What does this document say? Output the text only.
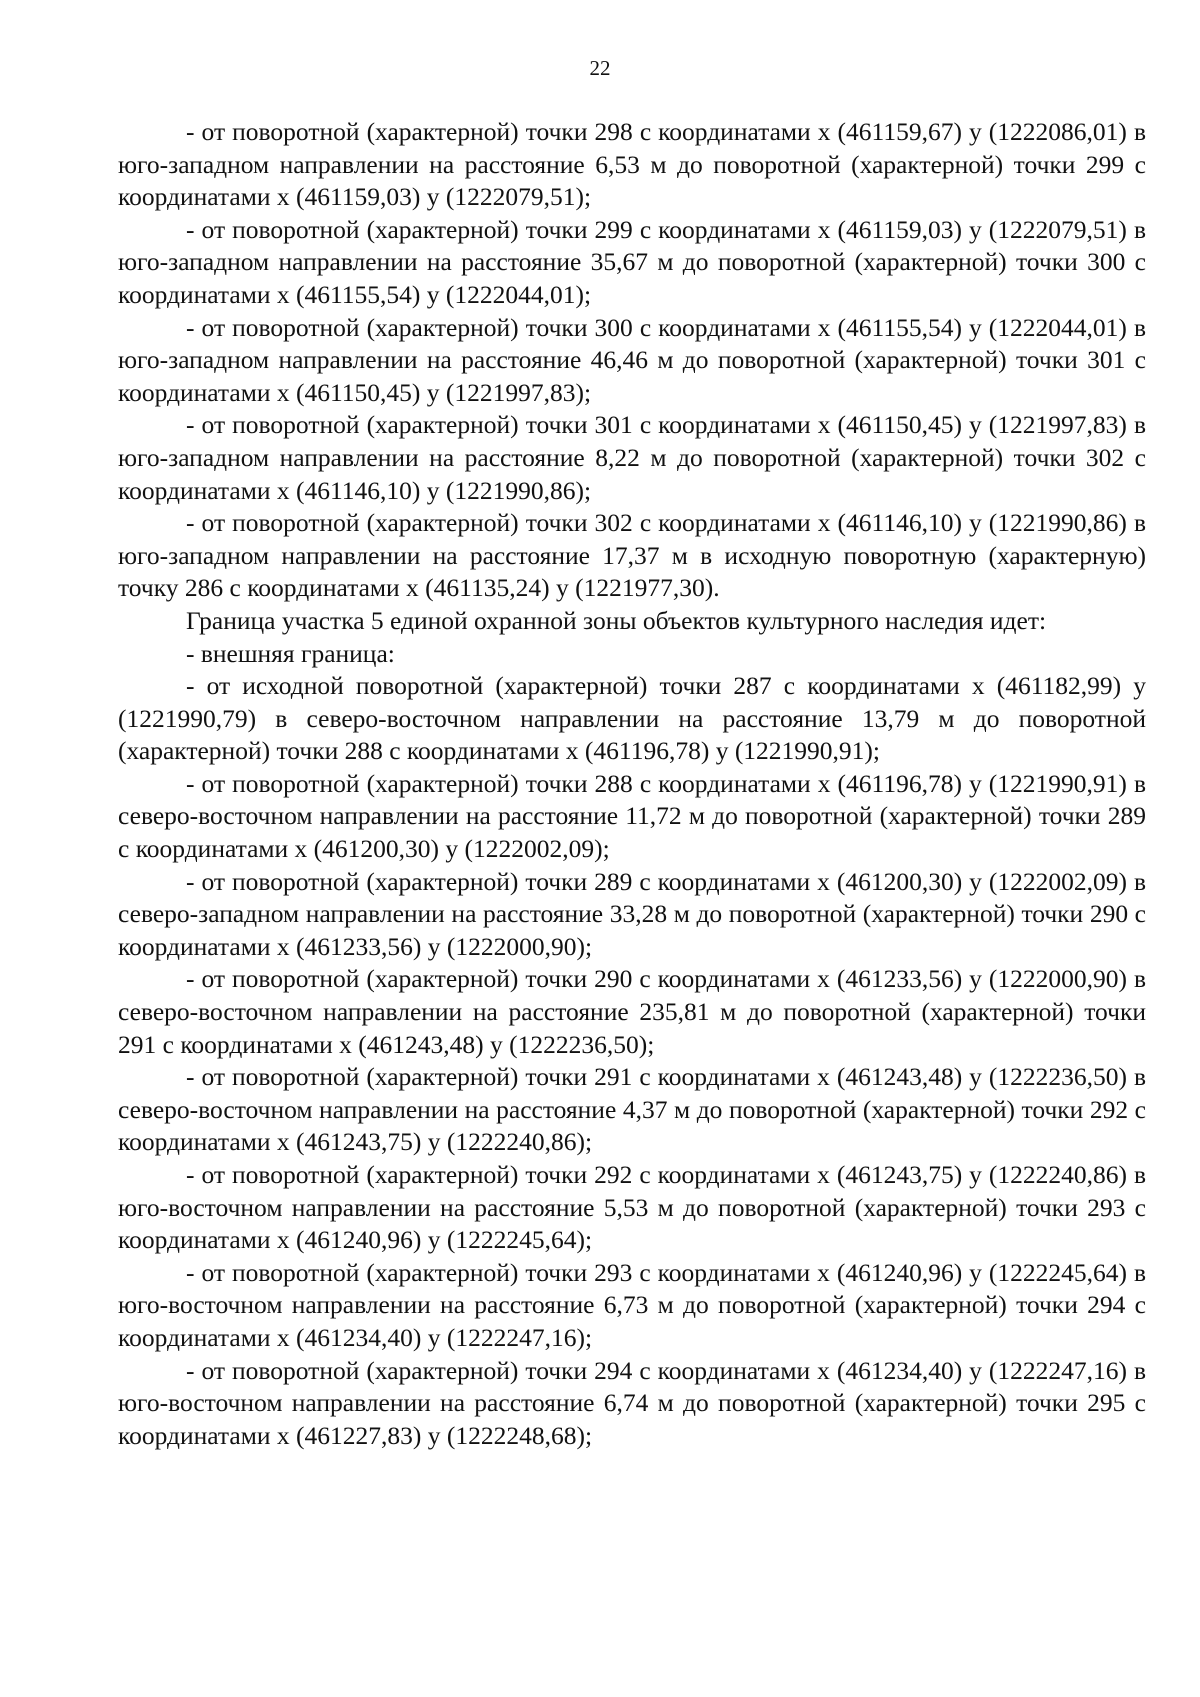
22

- от поворотной (характерной) точки 298 с координатами х (461159,67) у (1222086,01) в юго-западном направлении на расстояние 6,53 м до поворотной (характерной) точки 299 с координатами х (461159,03) у (1222079,51);

- от поворотной (характерной) точки 299 с координатами х (461159,03) у (1222079,51) в юго-западном направлении на расстояние 35,67 м до поворотной (характерной) точки 300 с координатами х (461155,54) у (1222044,01);

- от поворотной (характерной) точки 300 с координатами х (461155,54) у (1222044,01) в юго-западном направлении на расстояние 46,46 м до поворотной (характерной) точки 301 с координатами х (461150,45) у (1221997,83);

- от поворотной (характерной) точки 301 с координатами х (461150,45) у (1221997,83) в юго-западном направлении на расстояние 8,22 м до поворотной (характерной) точки 302 с координатами х (461146,10) у (1221990,86);

- от поворотной (характерной) точки 302 с координатами х (461146,10) у (1221990,86) в юго-западном направлении на расстояние 17,37 м в исходную поворотную (характерную) точку 286 с координатами х (461135,24) у (1221977,30).

Граница участка 5 единой охранной зоны объектов культурного наследия идет:

- внешняя граница:

- от исходной поворотной (характерной) точки 287 с координатами х (461182,99) у (1221990,79) в северо-восточном направлении на расстояние 13,79 м до поворотной (характерной) точки 288 с координатами х (461196,78) у (1221990,91);

- от поворотной (характерной) точки 288 с координатами х (461196,78) у (1221990,91) в северо-восточном направлении на расстояние 11,72 м до поворотной (характерной) точки 289 с координатами х (461200,30) у (1222002,09);

- от поворотной (характерной) точки 289 с координатами х (461200,30) у (1222002,09) в северо-западном направлении на расстояние 33,28 м до поворотной (характерной) точки 290 с координатами х (461233,56) у (1222000,90);

- от поворотной (характерной) точки 290 с координатами х (461233,56) у (1222000,90) в северо-восточном направлении на расстояние 235,81 м до поворотной (характерной) точки 291 с координатами х (461243,48) у (1222236,50);

- от поворотной (характерной) точки 291 с координатами х (461243,48) у (1222236,50) в северо-восточном направлении на расстояние 4,37 м до поворотной (характерной) точки 292 с координатами х (461243,75) у (1222240,86);

- от поворотной (характерной) точки 292 с координатами х (461243,75) у (1222240,86) в юго-восточном направлении на расстояние 5,53 м до поворотной (характерной) точки 293 с координатами х (461240,96) у (1222245,64);

- от поворотной (характерной) точки 293 с координатами х (461240,96) у (1222245,64) в юго-восточном направлении на расстояние 6,73 м до поворотной (характерной) точки 294 с координатами х (461234,40) у (1222247,16);

- от поворотной (характерной) точки 294 с координатами х (461234,40) у (1222247,16) в юго-восточном направлении на расстояние 6,74 м до поворотной (характерной) точки 295 с координатами х (461227,83) у (1222248,68);
